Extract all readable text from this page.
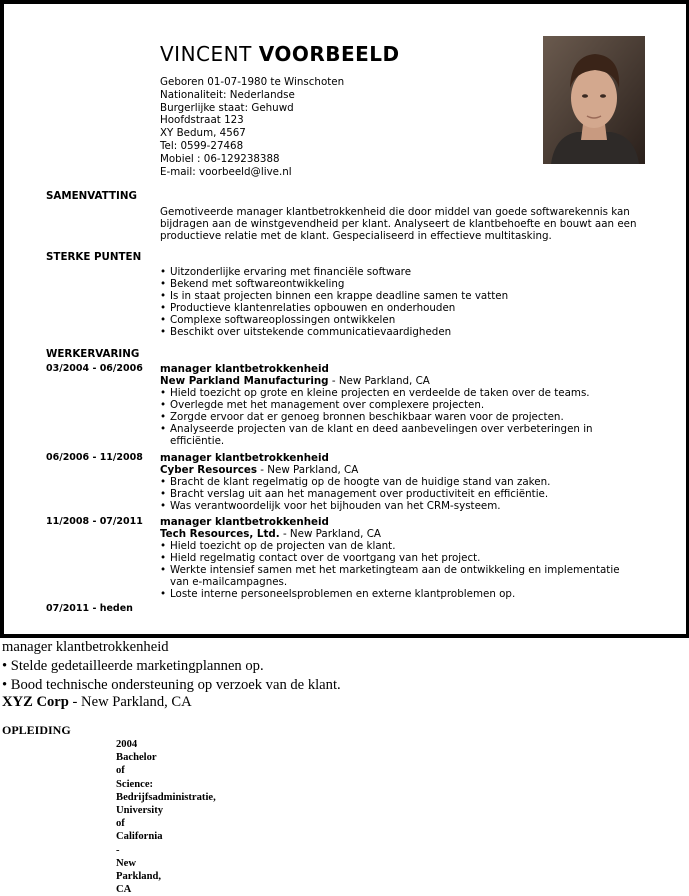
VINCENT VOORBEELD
Geboren 01-07-1980 te Winschoten
Nationaliteit: Nederlandse
Burgerlijke staat: Gehuwd
Hoofdstraat 123
XY Bedum, 4567
Tel: 0599-27468
Mobiel : 06-129238388
E-mail: voorbeeld@live.nl
SAMENVATTING
Gemotiveerde manager klantbetrokkenheid die door middel van goede softwarekennis kan bijdragen aan de winstgevendheid per klant. Analyseert de klantbehoefte en bouwt aan een productieve relatie met de klant. Gespecialiseerd in effectieve multitasking.
STERKE PUNTEN
• Uitzonderlijke ervaring met financiële software
• Bekend met softwareontwikkeling
• Is in staat projecten binnen een krappe deadline samen te vatten
• Productieve klantenrelaties opbouwen en onderhouden
• Complexe softwareoplossingen ontwikkelen
• Beschikt over uitstekende communicatievaardigheden
WERKERVARING
03/2004 - 06/2006 manager klantbetrokkenheid
New Parkland Manufacturing - New Parkland, CA
• Hield toezicht op grote en kleine projecten en verdeelde de taken over de teams.
• Overlegde met het management over complexere projecten.
• Zorgde ervoor dat er genoeg bronnen beschikbaar waren voor de projecten.
• Analyseerde projecten van de klant en deed aanbevelingen over verbeteringen in efficiëntie.
06/2006 - 11/2008 manager klantbetrokkenheid
Cyber Resources - New Parkland, CA
• Bracht de klant regelmatig op de hoogte van de huidige stand van zaken.
• Bracht verslag uit aan het management over productiviteit en efficiëntie.
• Was verantwoordelijk voor het bijhouden van het CRM-systeem.
11/2008 - 07/2011 manager klantbetrokkenheid
Tech Resources, Ltd. - New Parkland, CA
• Hield toezicht op de projecten van de klant.
• Hield regelmatig contact over de voortgang van het project.
• Werkte intensief samen met het marketingteam aan de ontwikkeling en implementatie van e-mailcampagnes.
• Loste interne personeelsproblemen en externe klantproblemen op.
07/2011 - heden
manager klantbetrokkenheid
• Stelde gedetailleerde marketingplannen op.
• Bood technische ondersteuning op verzoek van de klant.
XYZ Corp - New Parkland, CA
OPLEIDING
2004
Bachelor
of
Science:
Bedrijfsadministratie,
University
of
California
-
New
Parkland,
CA
